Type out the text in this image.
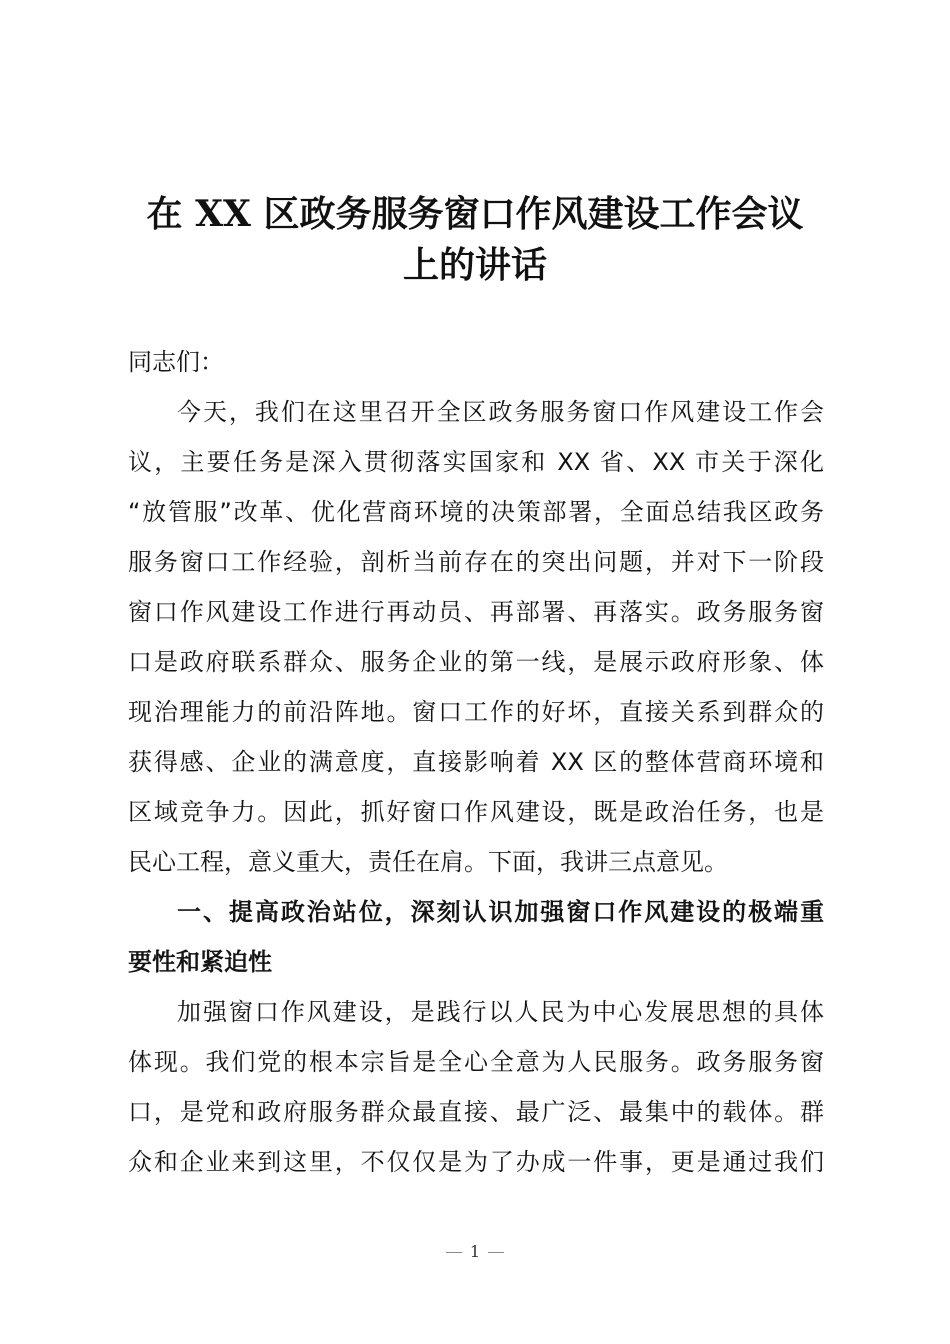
在 XX 区政务服务窗口作风建设工作会议
上的讲话
同志们：
今天，我们在这里召开全区政务服务窗口作风建设工作会
议，主要任务是深入贯彻落实国家和 XX 省、XX 市关于深化
“放管服”改革、优化营商环境的决策部署，全面总结我区政务
服务窗口工作经验，剖析当前存在的突出问题，并对下一阶段
窗口作风建设工作进行再动员、再部署、再落实。政务服务窗
口是政府联系群众、服务企业的第一线，是展示政府形象、体
现治理能力的前沿阵地。窗口工作的好坏，直接关系到群众的
获得感、企业的满意度，直接影响着 XX 区的整体营商环境和
区域竞争力。因此，抓好窗口作风建设，既是政治任务，也是
民心工程，意义重大，责任在肩。下面，我讲三点意见。
一、提高政治站位，深刻认识加强窗口作风建设的极端重
要性和紧迫性
加强窗口作风建设，是践行以人民为中心发展思想的具体
体现。我们党的根本宗旨是全心全意为人民服务。政务服务窗
口，是党和政府服务群众最直接、最广泛、最集中的载体。群
众和企业来到这里，不仅仅是为了办成一件事，更是通过我们
1
